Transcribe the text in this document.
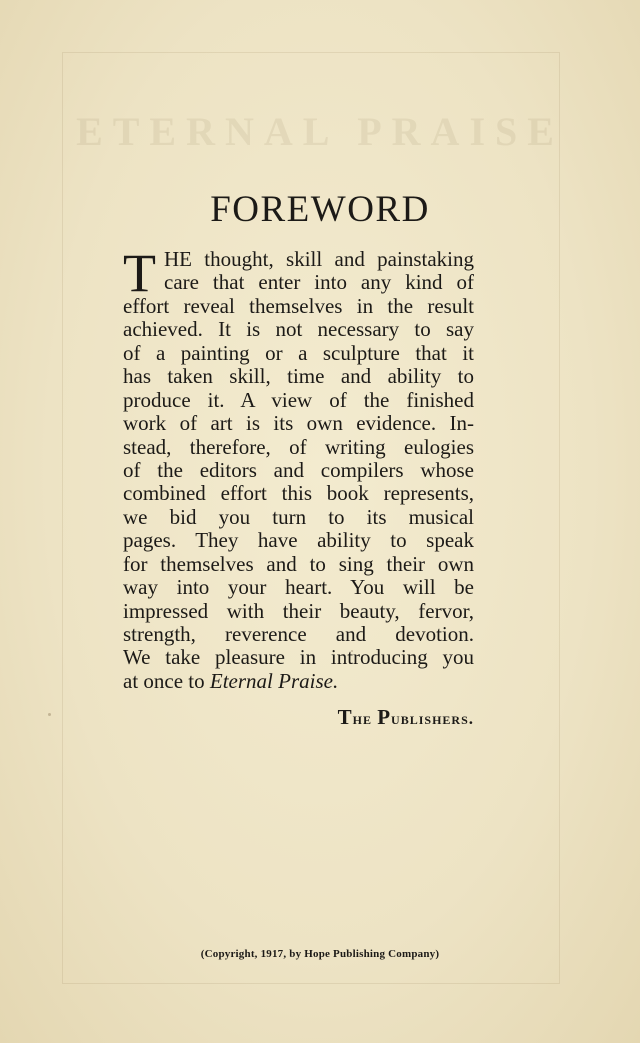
ETERNAL PRAISE
FOREWORD
T HE thought, skill and painstaking
care that enter into any kind of
effort reveal themselves in the result
achieved. It is not necessary to say
of a painting or a sculpture that it
has taken skill, time and ability to
produce it. A view of the finished
work of art is its own evidence. In-
stead, therefore, of writing eulogies
of the editors and compilers whose
combined effort this book represents,
we bid you turn to its musical
pages. They have ability to speak
for themselves and to sing their own
way into your heart. You will be
impressed with their beauty, fervor,
strength, reverence and devotion.
We take pleasure in introducing you
at once to Eternal Praise.
The Publishers.
(Copyright, 1917, by Hope Publishing Company)
